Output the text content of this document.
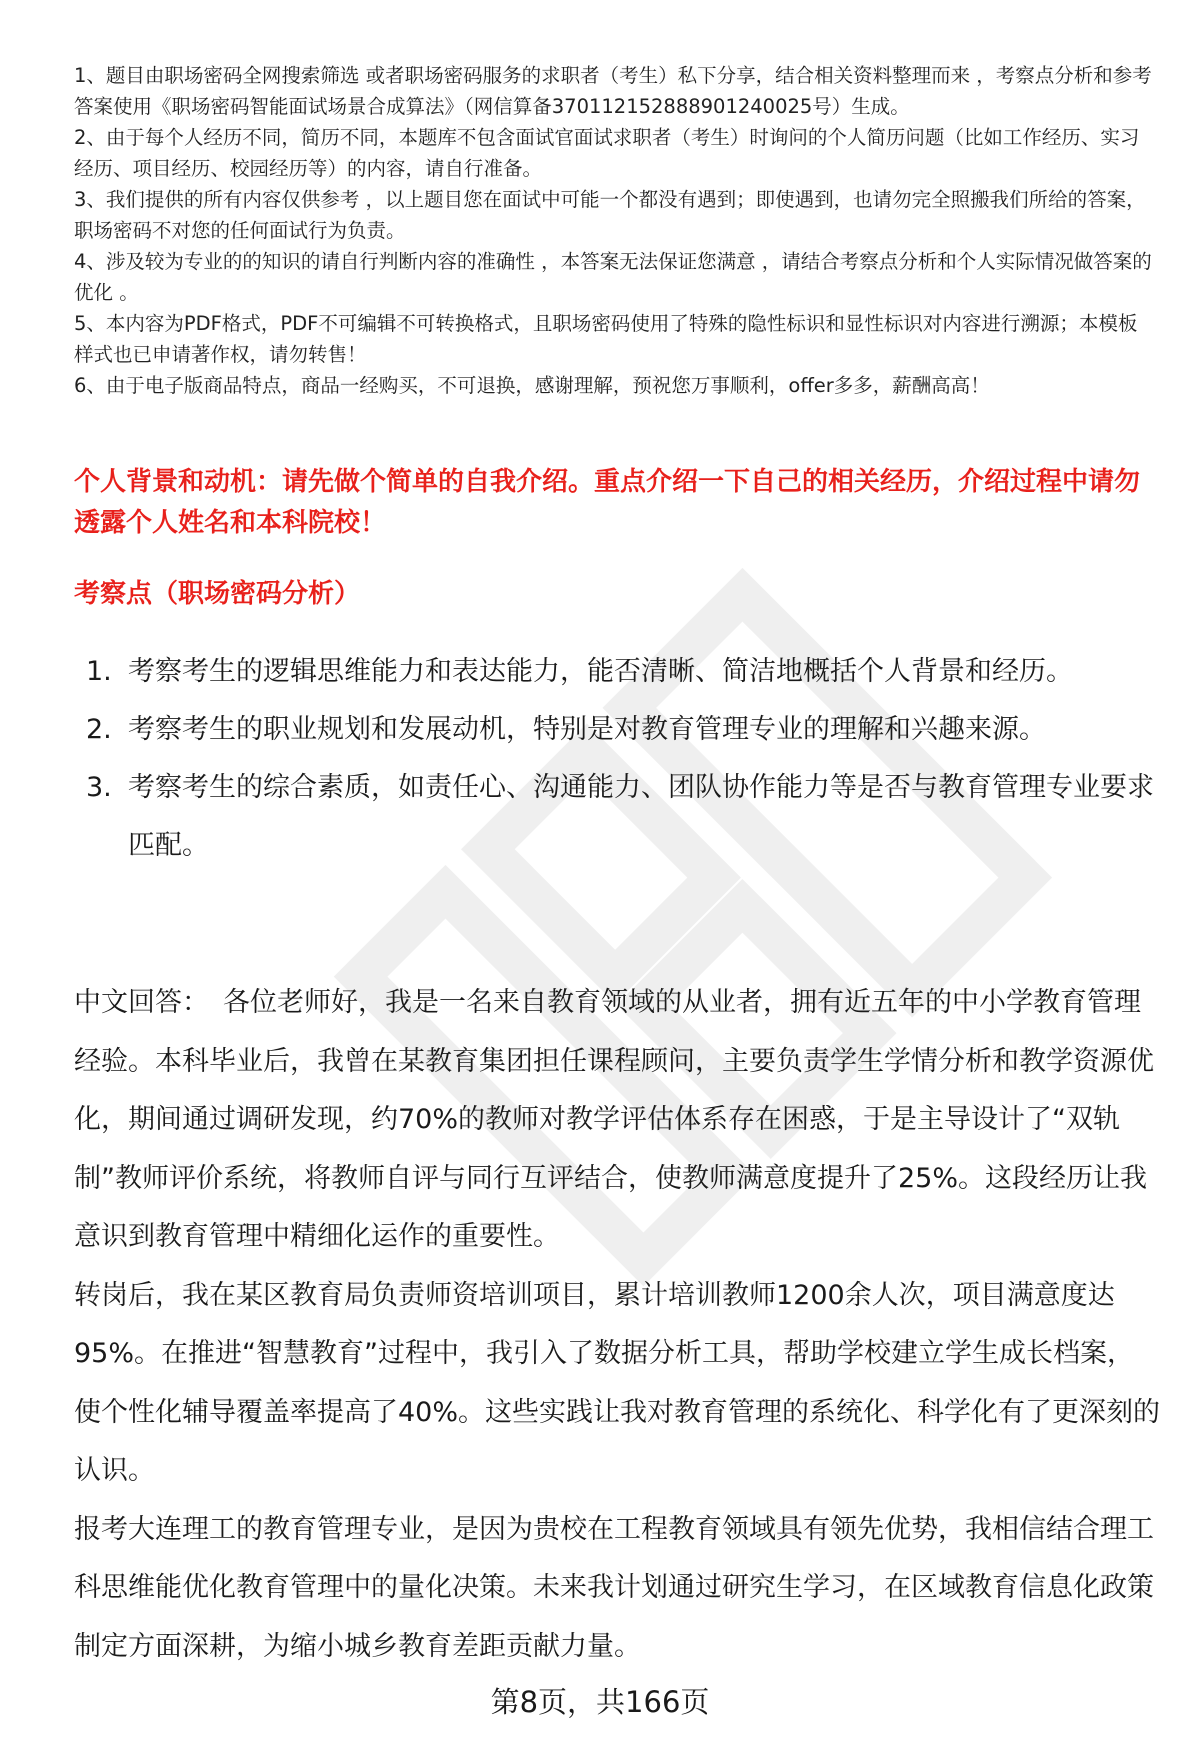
1、题目由职场密码全网搜索筛选 或者职场密码服务的求职者（考生）私下分享，结合相关资料整理而来 ，考察点分析和参考答案使用《职场密码智能面试场景合成算法》（网信算备370112152888901240025号）生成。

2、由于每个人经历不同，简历不同，本题库不包含面试官面试求职者（考生）时询问的个人简历问题（比如工作经历、实习经历、项目经历、校园经历等）的内容，请自行准备。

3、我们提供的所有内容仅供参考 ，以上题目您在面试中可能一个都没有遇到；即使遇到，也请勿完全照搬我们所给的答案，职场密码不对您的任何面试行为负责。

4、涉及较为专业的的知识的请自行判断内容的准确性 ，本答案无法保证您满意 ，请结合考察点分析和个人实际情况做答案的优化 。

5、本内容为PDF格式，PDF不可编辑不可转换格式，且职场密码使用了特殊的隐性标识和显性标识对内容进行溯源；本模板样式也已申请著作权，请勿转售！

6、由于电子版商品特点，商品一经购买，不可退换，感谢理解，预祝您万事顺利，offer多多，薪酬高高！

个人背景和动机：请先做个简单的自我介绍。重点介绍一下自己的相关经历，介绍过程中请勿透露个人姓名和本科院校！
考察点（职场密码分析）
1. 考察考生的逻辑思维能力和表达能力，能否清晰、简洁地概括个人背景和经历。
2. 考察考生的职业规划和发展动机，特别是对教育管理专业的理解和兴趣来源。
3. 考察考生的综合素质，如责任心、沟通能力、团队协作能力等是否与教育管理专业要求匹配。

中文回答： 各位老师好，我是一名来自教育领域的从业者，拥有近五年的中小学教育管理经验。本科毕业后，我曾在某教育集团担任课程顾问，主要负责学生学情分析和教学资源优化，期间通过调研发现，约70%的教师对教学评估体系存在困惑，于是主导设计了“双轨制”教师评价系统，将教师自评与同行互评结合，使教师满意度提升了25%。这段经历让我意识到教育管理中精细化运作的重要性。

转岗后，我在某区教育局负责师资培训项目，累计培训教师1200余人次，项目满意度达95%。在推进“智慧教育”过程中，我引入了数据分析工具，帮助学校建立学生成长档案，使个性化辅导覆盖率提高了40%。这些实践让我对教育管理的系统化、科学化有了更深刻的认识。

报考大连理工的教育管理专业，是因为贵校在工程教育领域具有领先优势，我相信结合理工科思维能优化教育管理中的量化决策。未来我计划通过研究生学习，在区域教育信息化政策制定方面深耕，为缩小城乡教育差距贡献力量。

第8页，共166页
